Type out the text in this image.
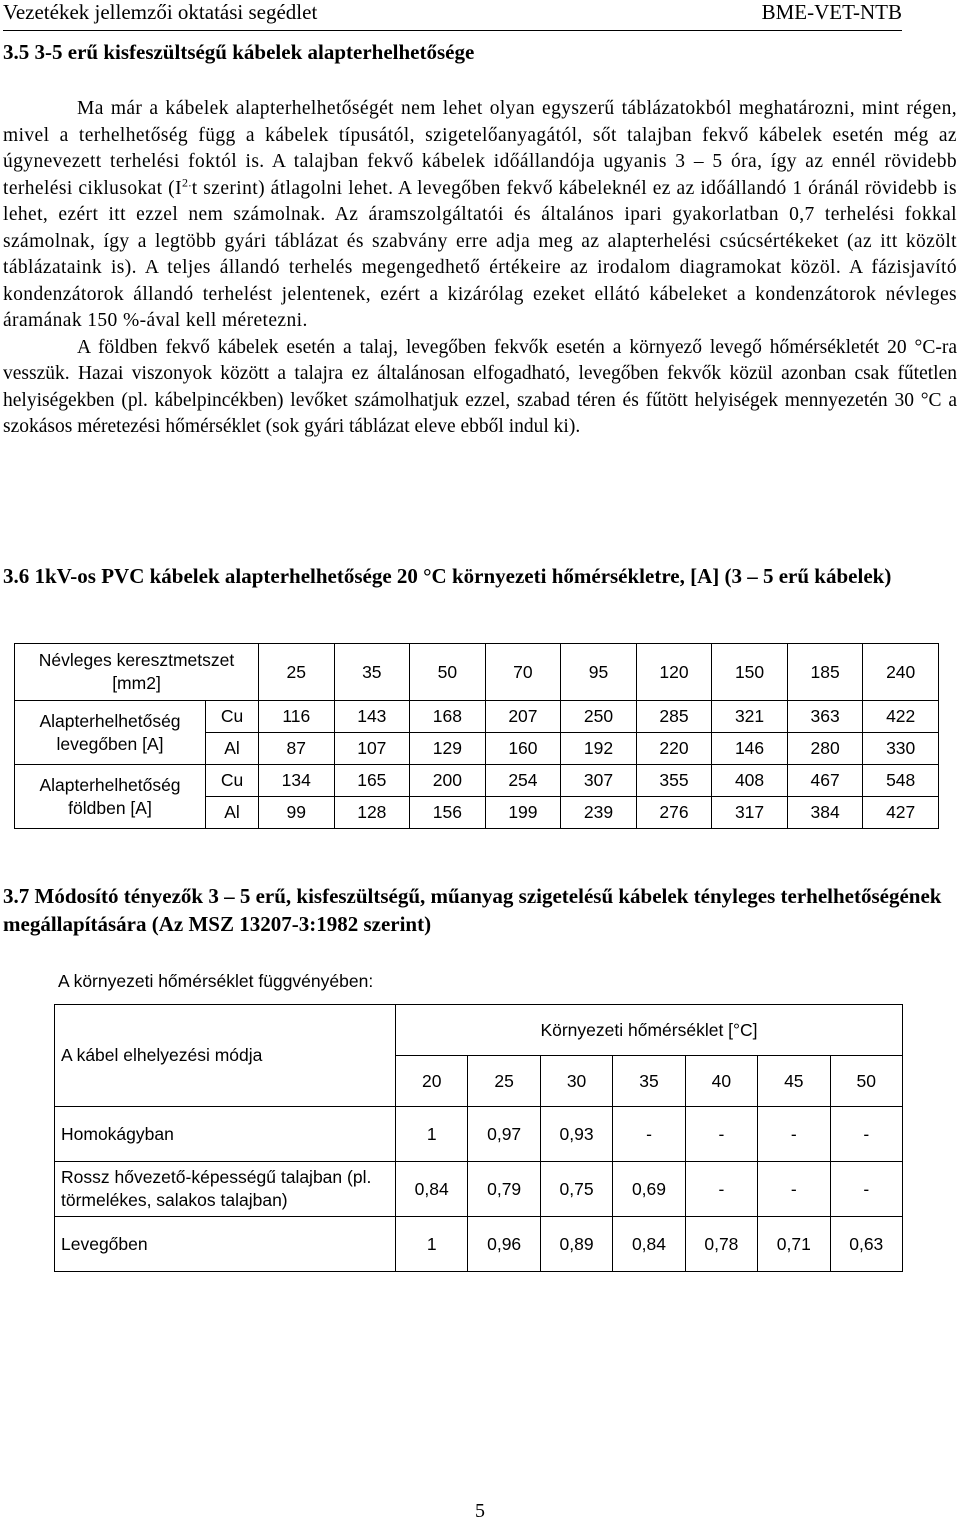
Vezetékek jellemzői oktatási segédlet	BME-VET-NTB
3.5 3-5 erű kisfeszültségű kábelek alapterhelhetősége

Ma már a kábelek alapterhelhetőségét nem lehet olyan egyszerű táblázatokból meghatározni, mint régen, mivel a terhelhetőség függ a kábelek típusától, szigetelőanyagától, sőt talajban fekvő kábelek esetén még az úgynevezett terhelési foktól is. A talajban fekvő kábelek időállandója ugyanis 3 – 5 óra, így az ennél rövidebb terhelési ciklusokat ($I^{2.}t$ szerint) átlagolni lehet. A levegőben fekvő kábeleknél ez az időállandó 1 óránál rövidebb is lehet, ezért itt ezzel nem számolnak. Az áramszolgáltatói és általános ipari gyakorlatban 0,7 terhelési fokkal számolnak, így a legtöbb gyári táblázat és szabvány erre adja meg az alapterhelési csúcsértékeket (az itt közölt táblázataink is). A teljes állandó terhelés megengedhető értékeire az irodalom diagramokat közöl. A fázisjavító kondenzátorok állandó terhelést jelentenek, ezért a kizárólag ezeket ellátó kábeleket a kondenzátorok névleges áramának 150 %-ával kell méretezni.

A földben fekvő kábelek esetén a talaj, levegőben fekvők esetén a környező levegő hőmérsékletét 20 °C-ra vesszük. Hazai viszonyok között a talajra ez általánosan elfogadható, levegőben fekvők közül azonban csak fűtetlen helyiségekben (pl. kábelpincékben) levőket számolhatjuk ezzel, szabad téren és fűtött helyiségek mennyezetén 30 °C a szokásos méretezési hőmérséklet (sok gyári táblázat eleve ebből indul ki).

3.6 1kV-os PVC kábelek alapterhelhetősége 20 °C környezeti hőmérsékletre, [A] (3 – 5 erű kábelek)
Névleges keresztmetszet [mm2]		25	35	50	70	95	120	150	185	240
Alapterhelhetőség levegőben [A]	Cu	116	143	168	207	250	285	321	363	422
	Al	87	107	129	160	192	220	146	280	330
Alapterhelhetőség földben [A]	Cu	134	165	200	254	307	355	408	467	548
	Al	99	128	156	199	239	276	317	384	427
3.7 Módosító tényezők 3 – 5 erű, kisfeszültségű, műanyag szigetelésű kábelek tényleges terhelhetőségének megállapítására (Az MSZ 13207-3:1982 szerint)

A környezeti hőmérséklet függvényében:

A kábel elhelyezési módja	Környezeti hőmérséklet [°C]						
	20	25	30	35	40	45	50
Homokágyban	1	0,97	0,93	-	-	-	-
Rossz hővezető-képességű talajban (pl. törmelékes, salakos talajban)	0,84	0,79	0,75	0,69	-	-	-
Levegőben	1	0,96	0,89	0,84	0,78	0,71	0,63
5
